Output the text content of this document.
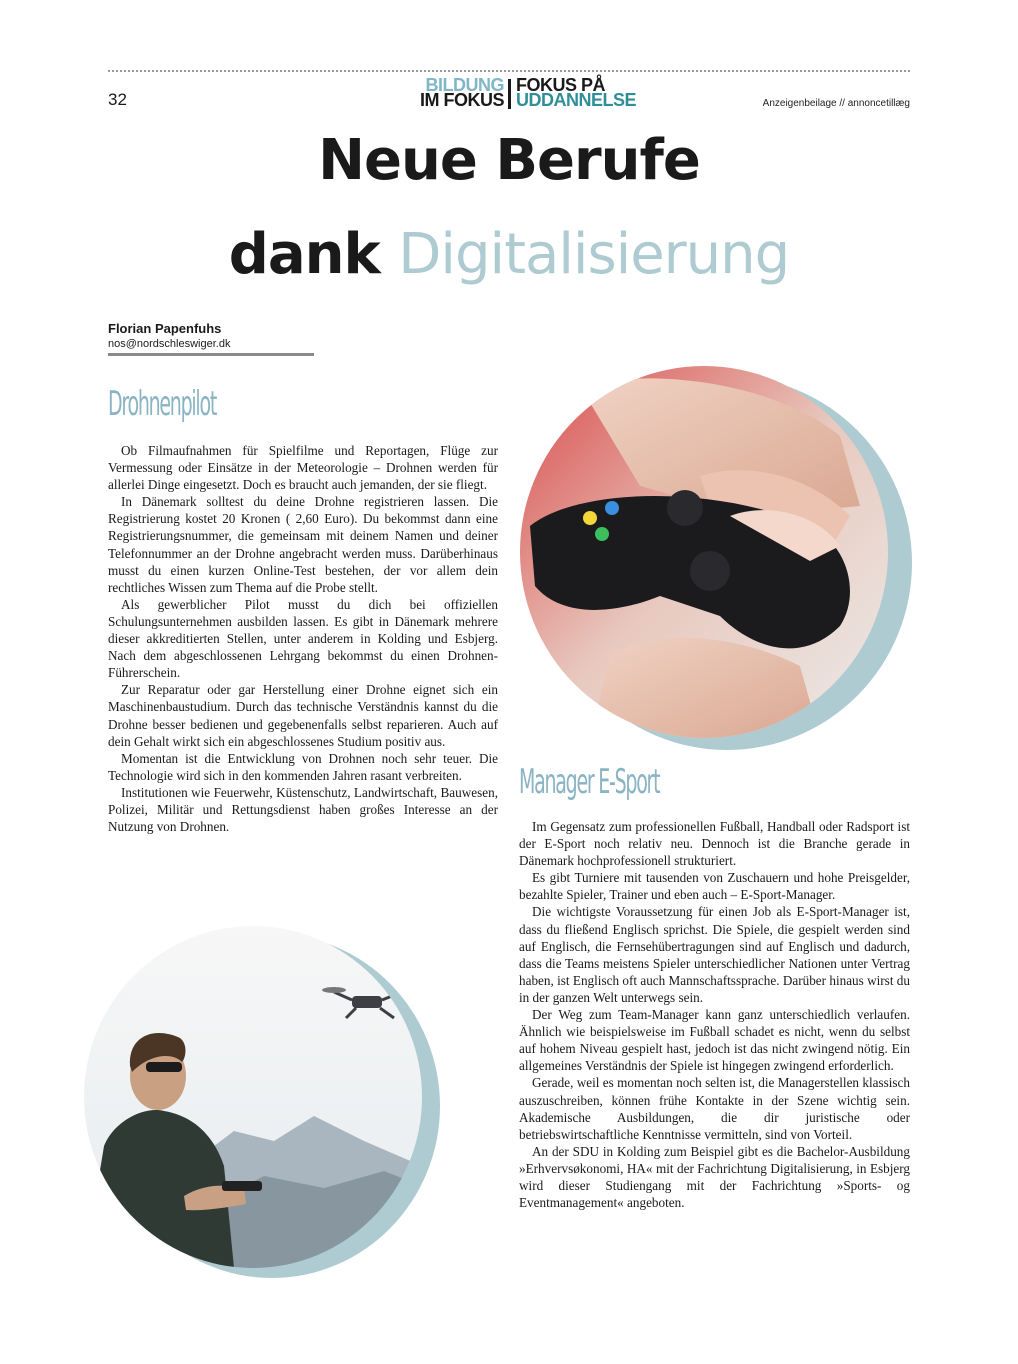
32
BILDUNG
IM FOKUS
FOKUS PÅ
UDDANNELSE	Anzeigenbeilage // annoncetillæg
Neue Berufe
dank Digitalisierung
Florian Papenfuhs
nos@nordschleswiger.dk
Drohnenpilot

Ob Filmaufnahmen für Spielfilme und Reportagen, Flüge zur Vermessung oder Einsätze in der Meteorologie – Drohnen werden für allerlei Dinge eingesetzt. Doch es braucht auch jemanden, der sie fliegt.

In Dänemark solltest du deine Drohne registrieren lassen. Die Registrierung kostet 20 Kronen ( 2,60 Euro). Du bekommst dann eine Registrierungsnummer, die gemeinsam mit deinem Namen und deiner Telefonnummer an der Drohne angebracht werden muss. Darüberhinaus musst du einen kurzen Online-Test bestehen, der vor allem dein rechtliches Wissen zum Thema auf die Probe stellt.

Als gewerblicher Pilot musst du dich bei offiziellen Schulungsunternehmen ausbilden lassen. Es gibt in Dänemark mehrere dieser akkreditierten Stellen, unter anderem in Kolding und Esbjerg. Nach dem abgeschlossenen Lehrgang bekommst du einen Drohnen-Führerschein.

Zur Reparatur oder gar Herstellung einer Drohne eignet sich ein Maschinenbaustudium. Durch das technische Verständnis kannst du die Drohne besser bedienen und gegebenenfalls selbst reparieren. Auch auf dein Gehalt wirkt sich ein abgeschlossenes Studium positiv aus.

Momentan ist die Entwicklung von Drohnen noch sehr teuer. Die Technologie wird sich in den kommenden Jahren rasant verbreiten.

Institutionen wie Feuerwehr, Küstenschutz, Landwirtschaft, Bauwesen, Polizei, Militär und Rettungsdienst haben großes Interesse an der Nutzung von Drohnen.

Manager E-Sport

Im Gegensatz zum professionellen Fußball, Handball oder Radsport ist der E-Sport noch relativ neu. Dennoch ist die Branche gerade in Dänemark hochprofessionell strukturiert.

Es gibt Turniere mit tausenden von Zuschauern und hohe Preisgelder, bezahlte Spieler, Trainer und eben auch – E-Sport-Manager.

Die wichtigste Voraussetzung für einen Job als E-Sport-Manager ist, dass du fließend Englisch sprichst. Die Spiele, die gespielt werden sind auf Englisch, die Fernsehübertragungen sind auf Englisch und dadurch, dass die Teams meistens Spieler unterschiedlicher Nationen unter Vertrag haben, ist Englisch oft auch Mannschaftssprache. Darüber hinaus wirst du in der ganzen Welt unterwegs sein.

Der Weg zum Team-Manager kann ganz unterschiedlich verlaufen. Ähnlich wie beispielsweise im Fußball schadet es nicht, wenn du selbst auf hohem Niveau gespielt hast, jedoch ist das nicht zwingend nötig. Ein allgemeines Verständnis der Spiele ist hingegen zwingend erforderlich.

Gerade, weil es momentan noch selten ist, die Managerstellen klassisch auszuschreiben, können frühe Kontakte in der Szene wichtig sein. Akademische Ausbildungen, die dir juristische oder betriebswirtschaftliche Kenntnisse vermitteln, sind von Vorteil.

An der SDU in Kolding zum Beispiel gibt es die Bachelor-Ausbildung »Erhvervsøkonomi, HA« mit der Fachrichtung Digitalisierung, in Esbjerg wird dieser Studiengang mit der Fachrichtung »Sports- og Eventmanagement« angeboten.
